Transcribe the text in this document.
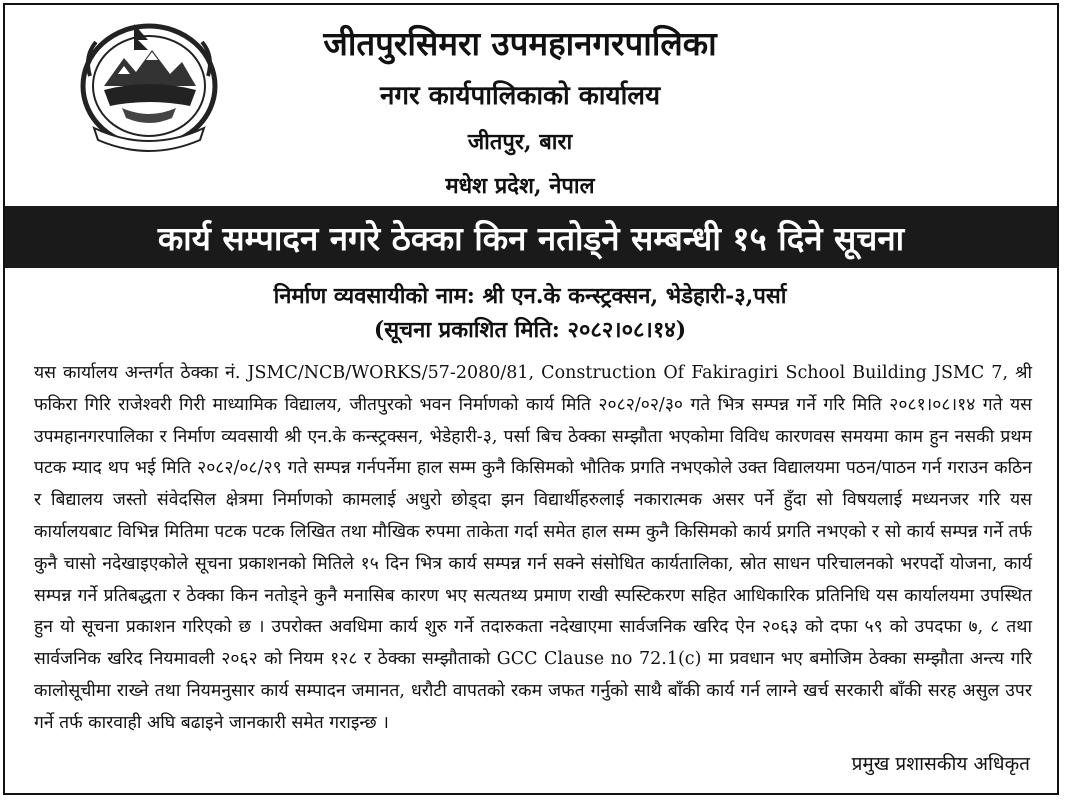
जीतपुरसिमरा उपमहानगरपालिका
नगर कार्यपालिकाको कार्यालय
जीतपुर, बारा
मधेश प्रदेश, नेपाल
कार्य सम्पादन नगरे ठेक्का किन नतोड्ने सम्बन्धी १५ दिने सूचना
निर्माण व्यवसायीको नाम: श्री एन.के कन्स्ट्रक्सन, भेडेहारी-३,पर्सा
(सूचना प्रकाशित मिति: २०८२।०८।१४)
यस कार्यालय अन्तर्गत ठेक्का नं. JSMC/NCB/WORKS/57-2080/81, Construction Of Fakiragiri School Building JSMC 7, श्री फकिरा गिरि राजेश्वरी गिरी माध्यामिक विद्यालय, जीतपुरको भवन निर्माणको कार्य मिति २०८२/०२/३० गते भित्र सम्पन्न गर्ने गरि मिति २०८१।०८।१४ गते यस उपमहानगरपालिका र निर्माण व्यवसायी श्री एन.के कन्स्ट्रक्सन, भेडेहारी-३, पर्सा बिच ठेक्का सम्झौता भएकोमा विविध कारणवस समयमा काम हुन नसकी प्रथम पटक म्याद थप भई मिति २०८२/०८/२९ गते सम्पन्न गर्नपर्नेमा हाल सम्म कुनै किसिमको भौतिक प्रगति नभएकोले उक्त विद्यालयमा पठन/पाठन गर्न गराउन कठिन र बिद्यालय जस्तो संवेदसिल क्षेत्रमा निर्माणको कामलाई अधुरो छोड्दा झन विद्यार्थीहरुलाई नकारात्मक असर पर्ने हुँदा सो विषयलाई मध्यनजर गरि यस कार्यालयबाट विभिन्न मितिमा पटक पटक लिखित तथा मौखिक रुपमा ताकेता गर्दा समेत हाल सम्म कुनै किसिमको कार्य प्रगति नभएको र सो कार्य सम्पन्न गर्ने तर्फ कुनै चासो नदेखाइएकोले सूचना प्रकाशनको मितिले १५ दिन भित्र कार्य सम्पन्न गर्न सक्ने संसोधित कार्यतालिका, स्रोत साधन परिचालनको भरपर्दो योजना, कार्य सम्पन्न गर्ने प्रतिबद्धता र ठेक्का किन नतोड्ने कुनै मनासिब कारण भए सत्यतथ्य प्रमाण राखी स्पस्टिकरण सहित आधिकारिक प्रतिनिधि यस कार्यालयमा उपस्थित हुन यो सूचना प्रकाशन गरिएको छ । उपरोक्त अवधिमा कार्य शुरु गर्ने तदारुकता नदेखाएमा सार्वजनिक खरिद ऐन २०६३ को दफा ५९ को उपदफा ७, ८ तथा सार्वजनिक खरिद नियमावली २०६२ को नियम १२८ र ठेक्का सम्झौताको GCC Clause no 72.1(c) मा प्रवधान भए बमोजिम ठेक्का सम्झौता अन्त्य गरि कालोसूचीमा राख्ने तथा नियमनुसार कार्य सम्पादन जमानत, धरौटी वापतको रकम जफत गर्नुको साथै बाँकी कार्य गर्न लाग्ने खर्च सरकारी बाँकी सरह असुल उपर गर्ने तर्फ कारवाही अघि बढाइने जानकारी समेत गराइन्छ ।
प्रमुख प्रशासकीय अधिकृत
